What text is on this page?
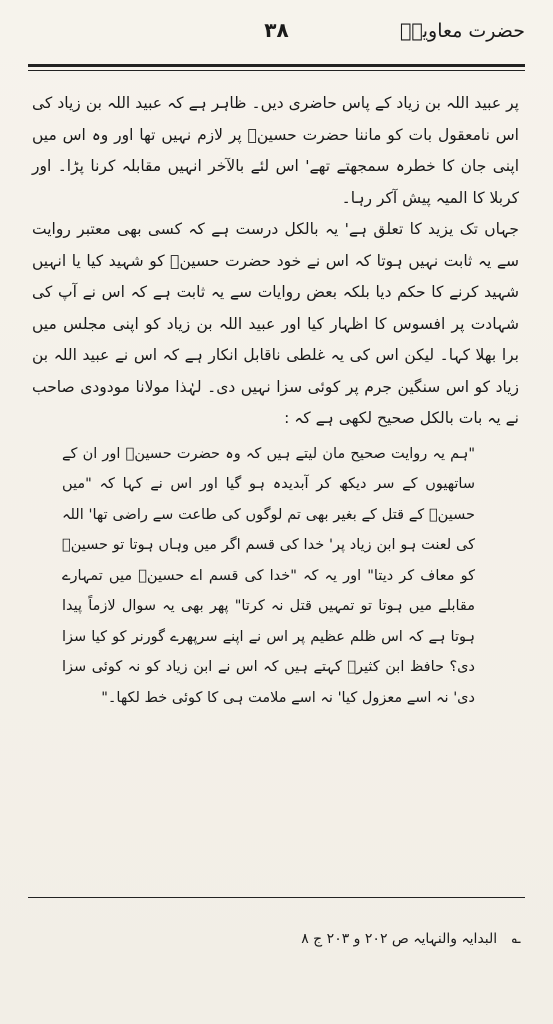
حضرت معاویہؓ
۳۸

پر عبید اللہ بن زیاد کے پاس حاضری دیں۔ ظاہر ہے کہ عبید اللہ بن زیاد کی اس نامعقول بات کو ماننا حضرت حسینؓ پر لازم نہیں تھا اور وہ اس میں اپنی جان کا خطرہ سمجھتے تھے' اس لئے بالآخر انہیں مقابلہ کرنا پڑا۔ اور کربلا کا المیہ پیش آکر رہا۔

جہاں تک یزید کا تعلق ہے' یہ بالکل درست ہے کہ کسی بھی معتبر روایت سے یہ ثابت نہیں ہوتا کہ اس نے خود حضرت حسینؓ کو شہید کیا یا انہیں شہید کرنے کا حکم دیا بلکہ بعض روایات سے یہ ثابت ہے کہ اس نے آپ کی شہادت پر افسوس کا اظہار کیا اور عبید اللہ بن زیاد کو اپنی مجلس میں برا بھلا کہا۔ لیکن اس کی یہ غلطی ناقابل انکار ہے کہ اس نے عبید اللہ بن زیاد کو اس سنگین جرم پر کوئی سزا نہیں دی۔ لہٰذا مولانا مودودی صاحب نے یہ بات بالکل صحیح لکھی ہے کہ :

"ہم یہ روایت صحیح مان لیتے ہیں کہ وہ حضرت حسینؓ اور ان کے ساتھیوں کے سر دیکھ کر آبدیدہ ہو گیا اور اس نے کہا کہ "میں حسینؓ کے قتل کے بغیر بھی تم لوگوں کی طاعت سے راضی تھا' اللہ کی لعنت ہو ابن زیاد پر' خدا کی قسم اگر میں وہاں ہوتا تو حسینؓ کو معاف کر دیتا" اور یہ کہ "خدا کی قسم اے حسینؓ میں تمہارے مقابلے میں ہوتا تو تمہیں قتل نہ کرتا" پھر بھی یہ سوال لازماً پیدا ہوتا ہے کہ اس ظلم عظیم پر اس نے اپنے سرپھرے گورنر کو کیا سزا دی؟ حافظ ابن کثیرؒ کہتے ہیں کہ اس نے ابن زیاد کو نہ کوئی سزا دی' نہ اسے معزول کیا' نہ اسے ملامت ہی کا کوئی خط لکھا۔"

؎ البدایہ والنہایہ ص ۲۰۲ و ۲۰۳ ج ۸
